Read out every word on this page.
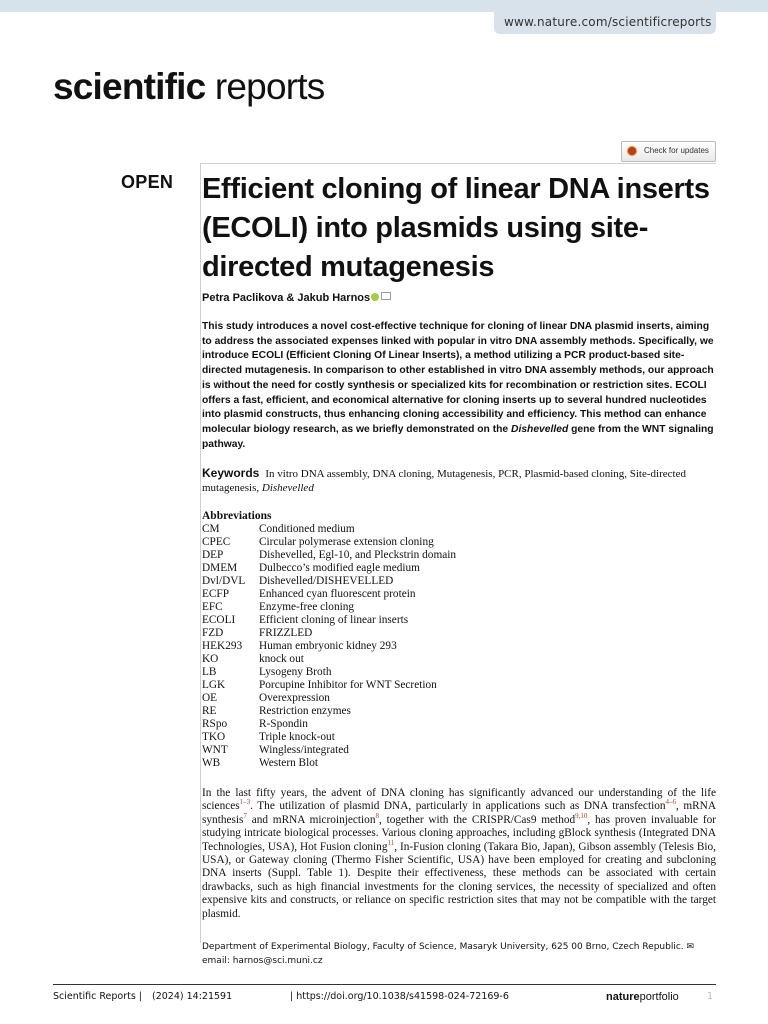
www.nature.com/scientificreports
scientific reports
Check for updates
OPEN Efficient cloning of linear DNA inserts (ECOLI) into plasmids using site-directed mutagenesis
Petra Paclikova & Jakub Harnos

This study introduces a novel cost-effective technique for cloning of linear DNA plasmid inserts, aiming to address the associated expenses linked with popular in vitro DNA assembly methods. Specifically, we introduce ECOLI (Efficient Cloning Of Linear Inserts), a method utilizing a PCR product-based site-directed mutagenesis. In comparison to other established in vitro DNA assembly methods, our approach is without the need for costly synthesis or specialized kits for recombination or restriction sites. ECOLI offers a fast, efficient, and economical alternative for cloning inserts up to several hundred nucleotides into plasmid constructs, thus enhancing cloning accessibility and efficiency. This method can enhance molecular biology research, as we briefly demonstrated on the Dishevelled gene from the WNT signaling pathway.

Keywords In vitro DNA assembly, DNA cloning, Mutagenesis, PCR, Plasmid-based cloning, Site-directed mutagenesis, Dishevelled
Abbreviations
CM	Conditioned medium
CPEC	Circular polymerase extension cloning
DEP	Dishevelled, Egl-10, and Pleckstrin domain
DMEM Dulbecco’s modified eagle medium
Dvl/DVL Dishevelled/DISHEVELLED
ECFP	Enhanced cyan fluorescent protein
EFC	Enzyme-free cloning
ECOLI Efficient cloning of linear inserts
FZD	FRIZZLED
HEK293 Human embryonic kidney 293
KO	knock out
LB	Lysogeny Broth
LGK	Porcupine Inhibitor for WNT Secretion
OE	Overexpression
RE	Restriction enzymes
RSpo	R-Spondin
TKO	Triple knock-out
WNT	Wingless/integrated
WB	Western Blot

In the last fifty years, the advent of DNA cloning has significantly advanced our understanding of the life sciences$^{1-3}$. The utilization of plasmid DNA, particularly in applications such as DNA transfection$^{4-6}$, mRNA synthesis$^7$ and mRNA microinjection$^8$, together with the CRISPR/Cas9 method$^{9,10}$, has proven invaluable for studying intricate biological processes. Various cloning approaches, including gBlock synthesis (Integrated DNA Technologies, USA), Hot Fusion cloning$^{11}$, In-Fusion cloning (Takara Bio, Japan), Gibson assembly (Telesis Bio, USA), or Gateway cloning (Thermo Fisher Scientific, USA) have been employed for creating and subcloning DNA inserts (Suppl. Table 1). Despite their effectiveness, these methods can be associated with certain drawbacks, such as high financial investments for the cloning services, the necessity of specialized and often expensive kits and constructs, or reliance on specific restriction sites that may not be compatible with the target plasmid.

Department of Experimental Biology, Faculty of Science, Masaryk University, 625 00 Brno, Czech Republic. ✉email: harnos@sci.muni.cz
Scientific Reports | (2024) 14:21591	| https://doi.org/10.1038/s41598-024-72169-6	natureportfolio	1
